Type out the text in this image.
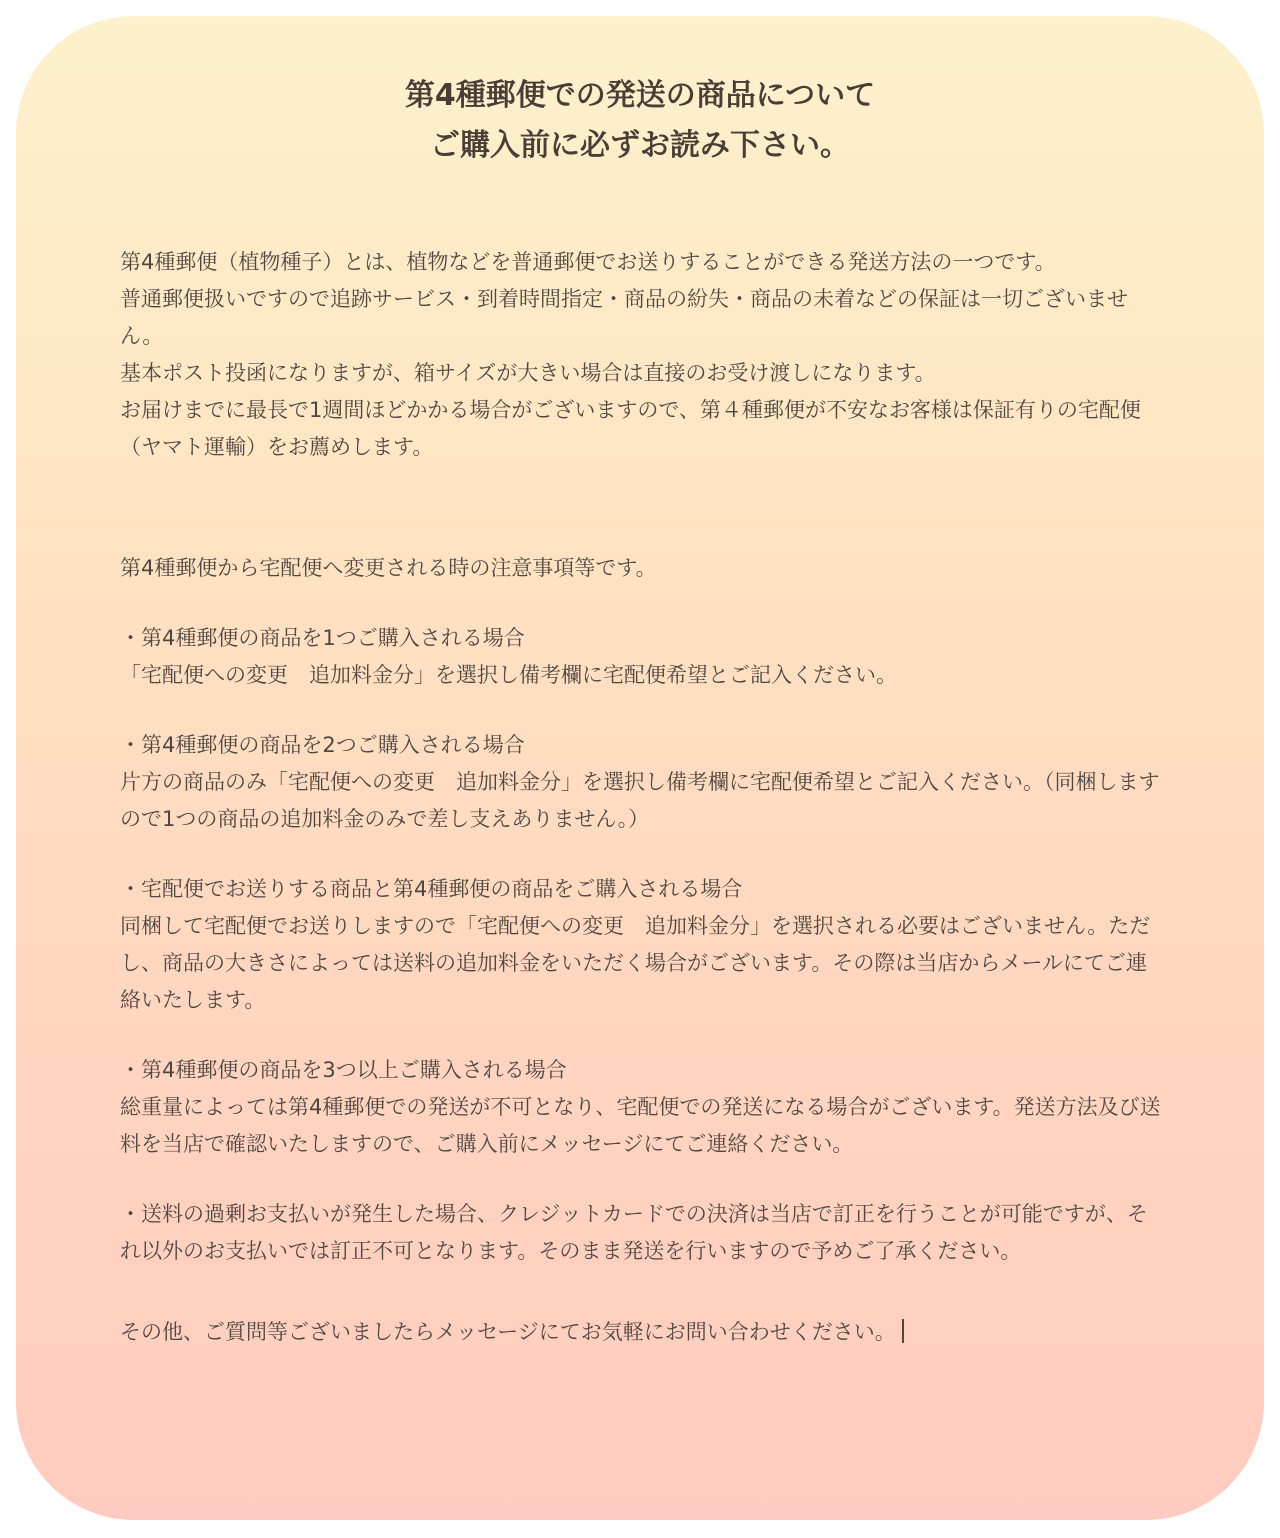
第4種郵便での発送の商品について
ご購入前に必ずお読み下さい。

第4種郵便（植物種子）とは、植物などを普通郵便でお送りすることができる発送方法の一つです。

普通郵便扱いですので追跡サービス・到着時間指定・商品の紛失・商品の未着などの保証は一切ございません。

基本ポスト投函になりますが、箱サイズが大きい場合は直接のお受け渡しになります。

お届けまでに最長で1週間ほどかかる場合がございますので、第４種郵便が不安なお客様は保証有りの宅配便（ヤマト運輸）をお薦めします。

第4種郵便から宅配便へ変更される時の注意事項等です。

・第4種郵便の商品を1つご購入される場合

「宅配便への変更　追加料金分」を選択し備考欄に宅配便希望とご記入ください。

・第4種郵便の商品を2つご購入される場合

片方の商品のみ「宅配便への変更　追加料金分」を選択し備考欄に宅配便希望とご記入ください。（同梱しますので1つの商品の追加料金のみで差し支えありません。）

・宅配便でお送りする商品と第4種郵便の商品をご購入される場合

同梱して宅配便でお送りしますので「宅配便への変更　追加料金分」を選択される必要はございません。ただし、商品の大きさによっては送料の追加料金をいただく場合がございます。その際は当店からメールにてご連絡いたします。

・第4種郵便の商品を3つ以上ご購入される場合

総重量によっては第4種郵便での発送が不可となり、宅配便での発送になる場合がございます。発送方法及び送料を当店で確認いたしますので、ご購入前にメッセージにてご連絡ください。

・送料の過剰お支払いが発生した場合、クレジットカードでの決済は当店で訂正を行うことが可能ですが、それ以外のお支払いでは訂正不可となります。そのまま発送を行いますので予めご了承ください。

その他、ご質問等ございましたらメッセージにてお気軽にお問い合わせください。
